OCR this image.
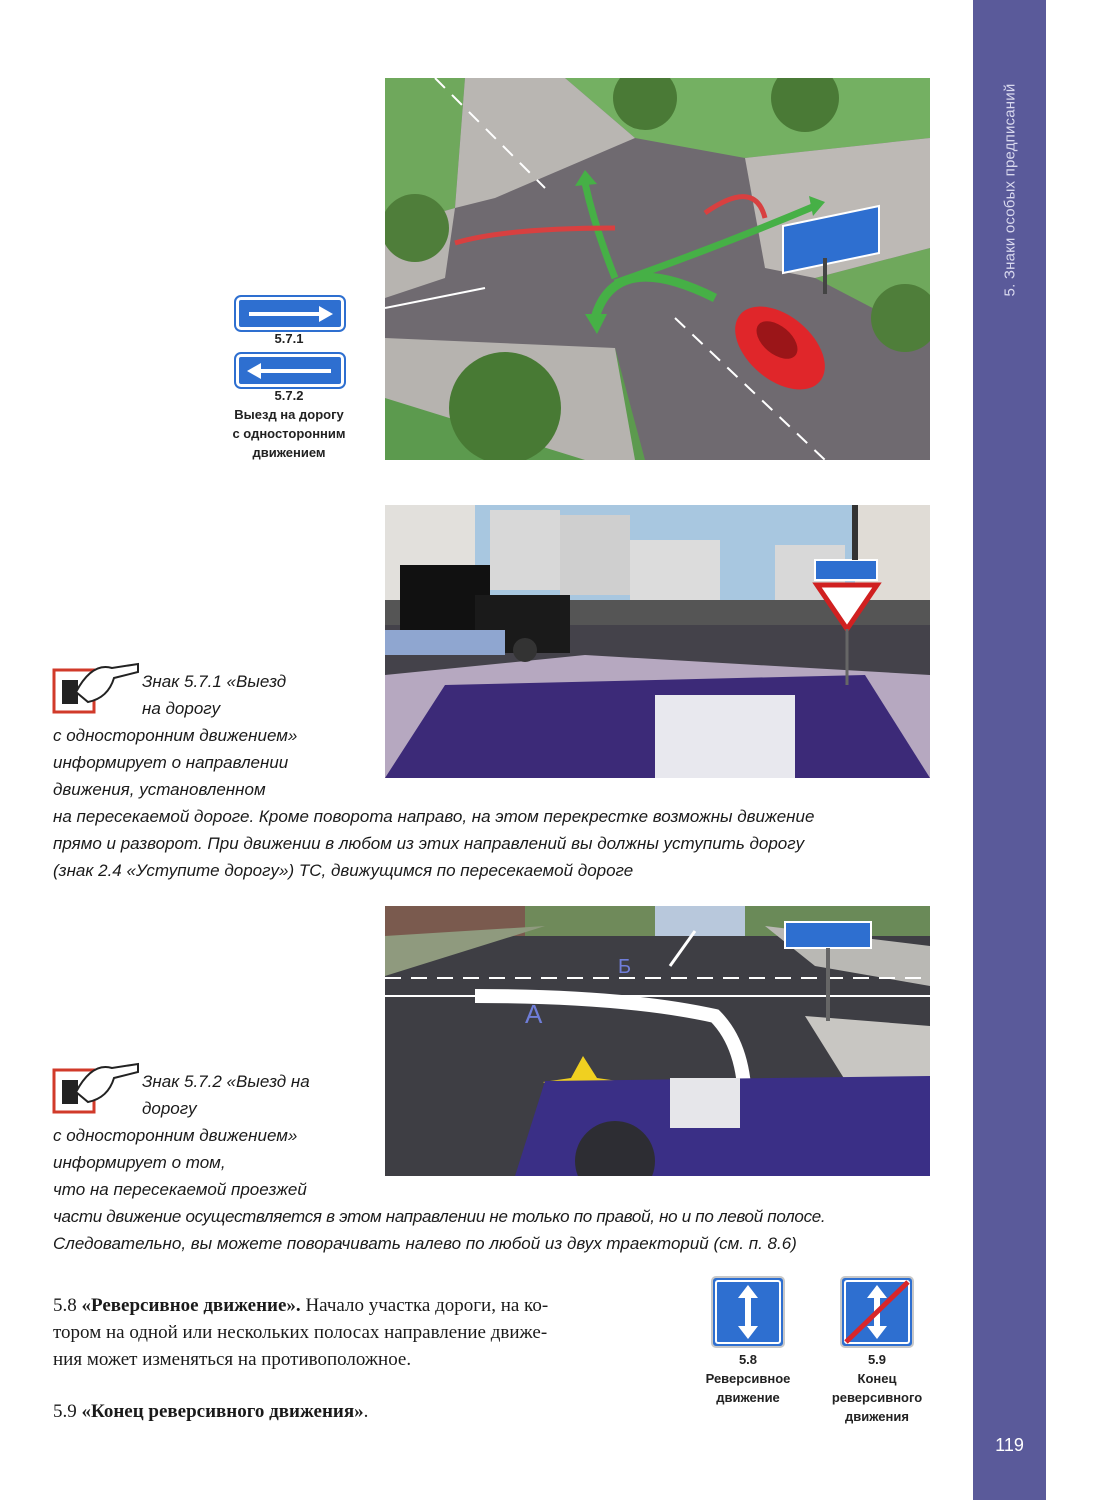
5. Знаки особых предписаний
119
5.7.1
5.7.2
Выезд на дорогу
с односторонним
движением
Знак 5.7.1 «Выезд
на дорогу
с односторонним движением»
информирует о направлении
движения, установленном
на пересекаемой дороге. Кроме поворота направо, на этом перекрестке возможны движение
прямо и разворот. При движении в любом из этих направлений вы должны уступить дорогу
(знак 2.4 «Уступите дорогу») ТС, движущимся по пересекаемой дороге
А
Б
Знак 5.7.2 «Выезд на
дорогу
с односторонним движением»
информирует о том,
что на пересекаемой проезжей
части движение осуществляется в этом направлении не только по правой, но и по левой полосе.
Следовательно, вы можете поворачивать налево по любой из двух траекторий (см. п. 8.6)
5.8 «Реверсивное движение». Начало участка дороги, на ко-
тором на одной или нескольких полосах направление движе-
ния может изменяться на противоположное.
5.9 «Конец реверсивного движения».
5.8
Реверсивное
движение
5.9
Конец
реверсивного
движения
